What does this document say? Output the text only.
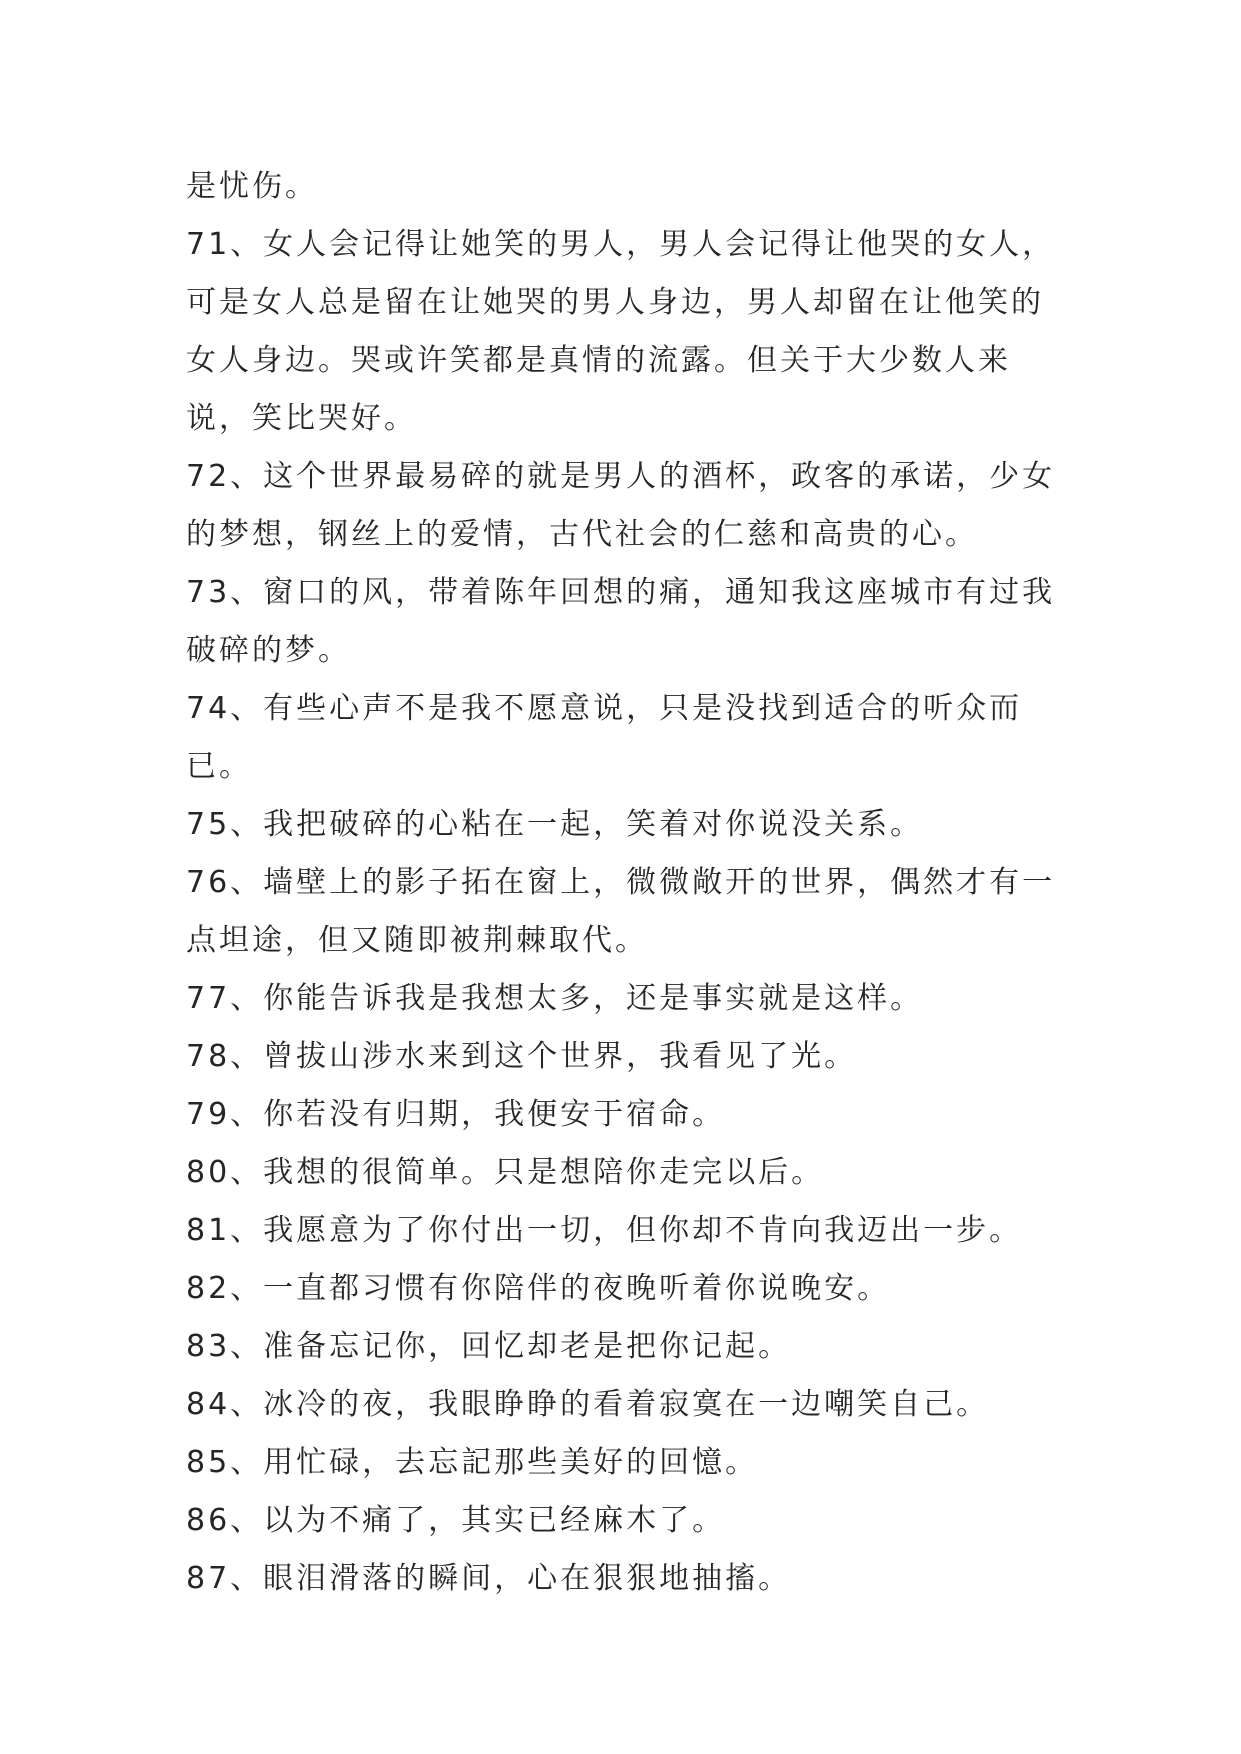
是忧伤。

71、女人会记得让她笑的男人，男人会记得让他哭的女人，可是女人总是留在让她哭的男人身边，男人却留在让他笑的女人身边。哭或许笑都是真情的流露。但关于大少数人来说，笑比哭好。

72、这个世界最易碎的就是男人的酒杯，政客的承诺，少女的梦想，钢丝上的爱情，古代社会的仁慈和高贵的心。

73、窗口的风，带着陈年回想的痛，通知我这座城市有过我破碎的梦。

74、有些心声不是我不愿意说，只是没找到适合的听众而已。

75、我把破碎的心粘在一起，笑着对你说没关系。

76、墙壁上的影子拓在窗上，微微敞开的世界，偶然才有一点坦途，但又随即被荆棘取代。

77、你能告诉我是我想太多，还是事实就是这样。

78、曾拔山涉水来到这个世界，我看见了光。

79、你若没有归期，我便安于宿命。

80、我想的很简单。只是想陪你走完以后。

81、我愿意为了你付出一切，但你却不肯向我迈出一步。

82、一直都习惯有你陪伴的夜晚听着你说晚安。

83、准备忘记你，回忆却老是把你记起。

84、冰冷的夜，我眼睁睁的看着寂寞在一边嘲笑自己。

85、用忙碌，去忘記那些美好的回憶。

86、以为不痛了，其实已经麻木了。

87、眼泪滑落的瞬间，心在狠狠地抽搐。
